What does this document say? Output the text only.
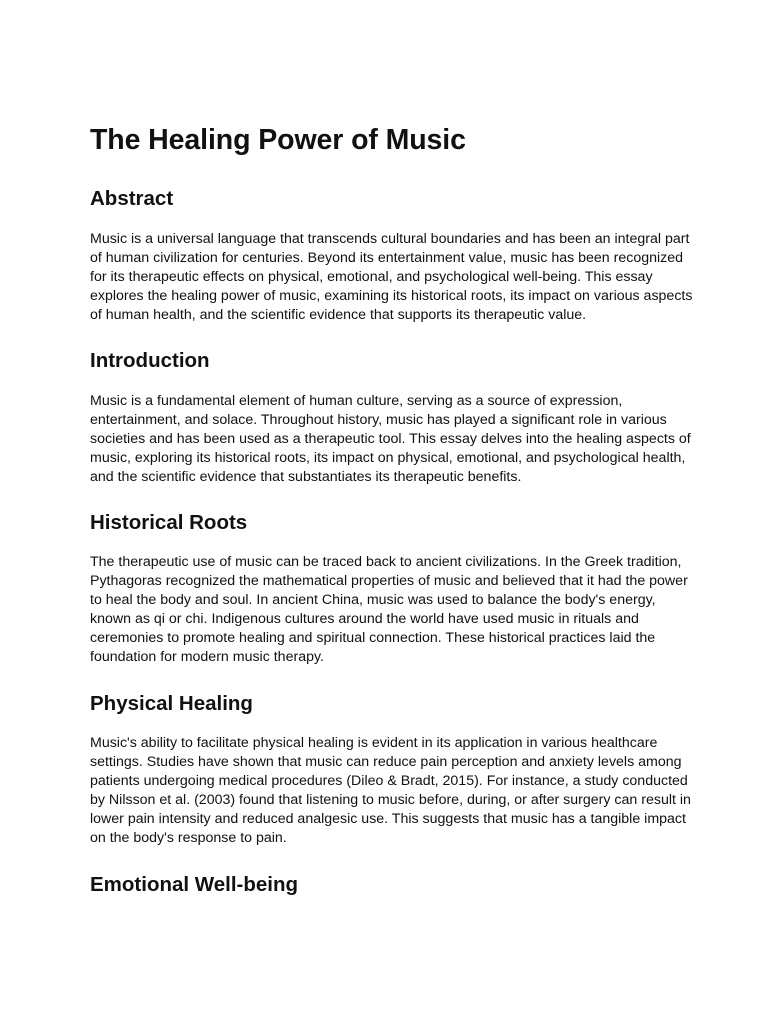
The Healing Power of Music
Abstract
Music is a universal language that transcends cultural boundaries and has been an integral part
of human civilization for centuries. Beyond its entertainment value, music has been recognized
for its therapeutic effects on physical, emotional, and psychological well-being. This essay
explores the healing power of music, examining its historical roots, its impact on various aspects
of human health, and the scientific evidence that supports its therapeutic value.
Introduction
Music is a fundamental element of human culture, serving as a source of expression,
entertainment, and solace. Throughout history, music has played a significant role in various
societies and has been used as a therapeutic tool. This essay delves into the healing aspects of
music, exploring its historical roots, its impact on physical, emotional, and psychological health,
and the scientific evidence that substantiates its therapeutic benefits.
Historical Roots
The therapeutic use of music can be traced back to ancient civilizations. In the Greek tradition,
Pythagoras recognized the mathematical properties of music and believed that it had the power
to heal the body and soul. In ancient China, music was used to balance the body's energy,
known as qi or chi. Indigenous cultures around the world have used music in rituals and
ceremonies to promote healing and spiritual connection. These historical practices laid the
foundation for modern music therapy.
Physical Healing
Music's ability to facilitate physical healing is evident in its application in various healthcare
settings. Studies have shown that music can reduce pain perception and anxiety levels among
patients undergoing medical procedures (Dileo & Bradt, 2015). For instance, a study conducted
by Nilsson et al. (2003) found that listening to music before, during, or after surgery can result in
lower pain intensity and reduced analgesic use. This suggests that music has a tangible impact
on the body's response to pain.
Emotional Well-being
